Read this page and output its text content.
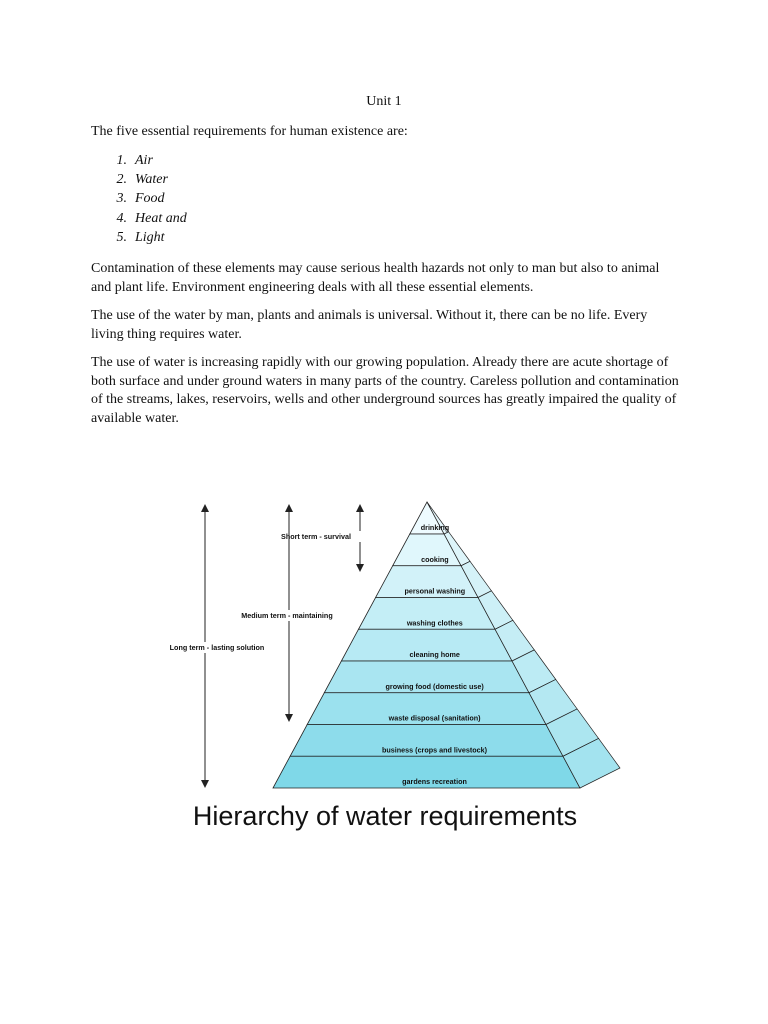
Unit 1

The five essential requirements for human existence are:

1. Air
2. Water
3. Food
4. Heat and
5. Light

Contamination of these elements may cause serious health hazards not only to man but also to animal and plant life. Environment engineering deals with all these essential elements.

The use of the water by man, plants and animals is universal. Without it, there can be no life. Every living thing requires water.

The use of water is increasing rapidly with our growing population. Already there are acute shortage of both surface and under ground waters in many parts of the country. Careless pollution and contamination of the streams, lakes, reservoirs, wells and other underground sources has greatly impaired the quality of available water.

drinking
cooking
personal washing
washing clothes
cleaning home
growing food (domestic use)
waste disposal (sanitation)
business (crops and livestock)
gardens recreation
Short term - survival
Medium term - maintaining
Long term - lasting solution
Hierarchy of water requirements
